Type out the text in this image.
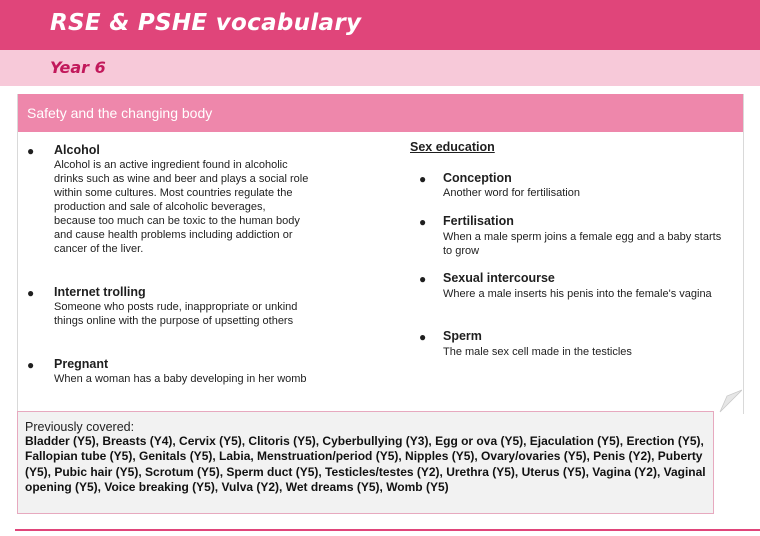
RSE & PSHE vocabulary
Year 6
Safety and the changing body
● Alcohol
Alcohol is an active ingredient found in alcoholic drinks such as wine and beer and plays a social role within some cultures. Most countries regulate the production and sale of alcoholic beverages, because too much can be toxic to the human body and cause health problems including addiction or cancer of the liver.
● Internet trolling
Someone who posts rude, inappropriate or unkind things online with the purpose of upsetting others
● Pregnant
When a woman has a baby developing in her womb
Sex education
● Conception
Another word for fertilisation
● Fertilisation
When a male sperm joins a female egg and a baby starts to grow
● Sexual intercourse
Where a male inserts his penis into the female's vagina
● Sperm
The male sex cell made in the testicles
Previously covered:
Bladder (Y5), Breasts (Y4), Cervix (Y5), Clitoris (Y5), Cyberbullying (Y3), Egg or ova (Y5), Ejaculation (Y5), Erection (Y5), Fallopian tube (Y5), Genitals (Y5), Labia, Menstruation/period (Y5), Nipples (Y5), Ovary/ovaries (Y5), Penis (Y2), Puberty (Y5), Pubic hair (Y5), Scrotum (Y5), Sperm duct (Y5), Testicles/testes (Y2), Urethra (Y5), Uterus (Y5), Vagina (Y2), Vaginal opening (Y5), Voice breaking (Y5), Vulva (Y2), Wet dreams (Y5), Womb (Y5)
